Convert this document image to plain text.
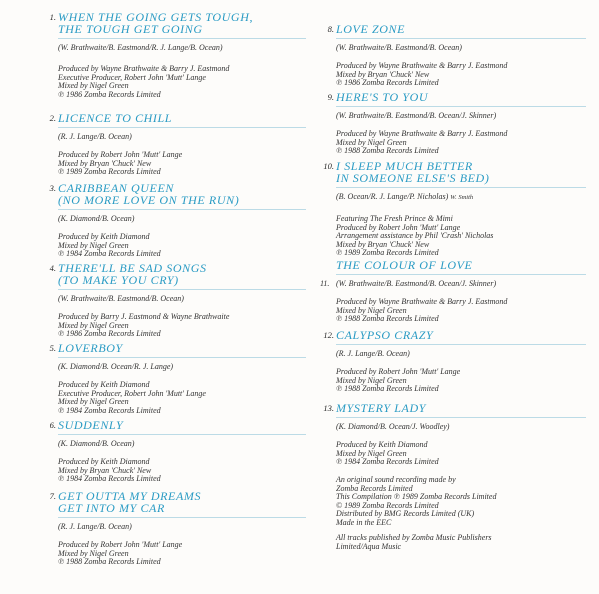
1. WHEN THE GOING GETS TOUGH,
THE TOUGH GET GOING
(W. Brathwaite/B. Eastmond/R. J. Lange/B. Ocean)
Produced by Wayne Brathwaite & Barry J. Eastmond
Executive Producer, Robert John 'Mutt' Lange
Mixed by Nigel Green
℗ 1986 Zomba Records Limited
2. LICENCE TO CHILL
(R. J. Lange/B. Ocean)
Produced by Robert John 'Mutt' Lange
Mixed by Bryan 'Chuck' New
℗ 1989 Zomba Records Limited
3. CARIBBEAN QUEEN
(NO MORE LOVE ON THE RUN)
(K. Diamond/B. Ocean)
Produced by Keith Diamond
Mixed by Nigel Green
℗ 1984 Zomba Records Limited
4. THERE'LL BE SAD SONGS
(TO MAKE YOU CRY)
(W. Brathwaite/B. Eastmond/B. Ocean)
Produced by Barry J. Eastmond & Wayne Brathwaite
Mixed by Nigel Green
℗ 1986 Zomba Records Limited
5. LOVERBOY
(K. Diamond/B. Ocean/R. J. Lange)
Produced by Keith Diamond
Executive Producer, Robert John 'Mutt' Lange
Mixed by Nigel Green
℗ 1984 Zomba Records Limited
6. SUDDENLY
(K. Diamond/B. Ocean)
Produced by Keith Diamond
Mixed by Bryan 'Chuck' New
℗ 1984 Zomba Records Limited
7. GET OUTTA MY DREAMS
GET INTO MY CAR
(R. J. Lange/B. Ocean)
Produced by Robert John 'Mutt' Lange
Mixed by Nigel Green
℗ 1988 Zomba Records Limited
8. LOVE ZONE
(W. Brathwaite/B. Eastmond/B. Ocean)
Produced by Wayne Brathwaite & Barry J. Eastmond
Mixed by Bryan 'Chuck' New
℗ 1986 Zomba Records Limited
9. HERE'S TO YOU
(W. Brathwaite/B. Eastmond/B. Ocean/J. Skinner)
Produced by Wayne Brathwaite & Barry J. Eastmond
Mixed by Nigel Green
℗ 1988 Zomba Records Limited
10. I SLEEP MUCH BETTER
IN SOMEONE ELSE'S BED)
(B. Ocean/R. J. Lange/P. Nicholas) W. Smith
Featuring The Fresh Prince & Mimi
Produced by Robert John 'Mutt' Lange
Arrangement assistance by Phil 'Crash' Nicholas
Mixed by Bryan 'Chuck' New
℗ 1989 Zomba Records Limited
THE COLOUR OF LOVE
11. (W. Brathwaite/B. Eastmond/B. Ocean/J. Skinner)
Produced by Wayne Brathwaite & Barry J. Eastmond
Mixed by Nigel Green
℗ 1988 Zomba Records Limited
12. CALYPSO CRAZY
(R. J. Lange/B. Ocean)
Produced by Robert John 'Mutt' Lange
Mixed by Nigel Green
℗ 1988 Zomba Records Limited
13. MYSTERY LADY
(K. Diamond/B. Ocean/J. Woodley)
Produced by Keith Diamond
Mixed by Nigel Green
℗ 1984 Zomba Records Limited
An original sound recording made by
Zomba Records Limited
This Compilation ℗ 1989 Zomba Records Limited
© 1989 Zomba Records Limited
Distributed by BMG Records Limited (UK)
Made in the EEC
All tracks published by Zomba Music Publishers
Limited/Aqua Music
